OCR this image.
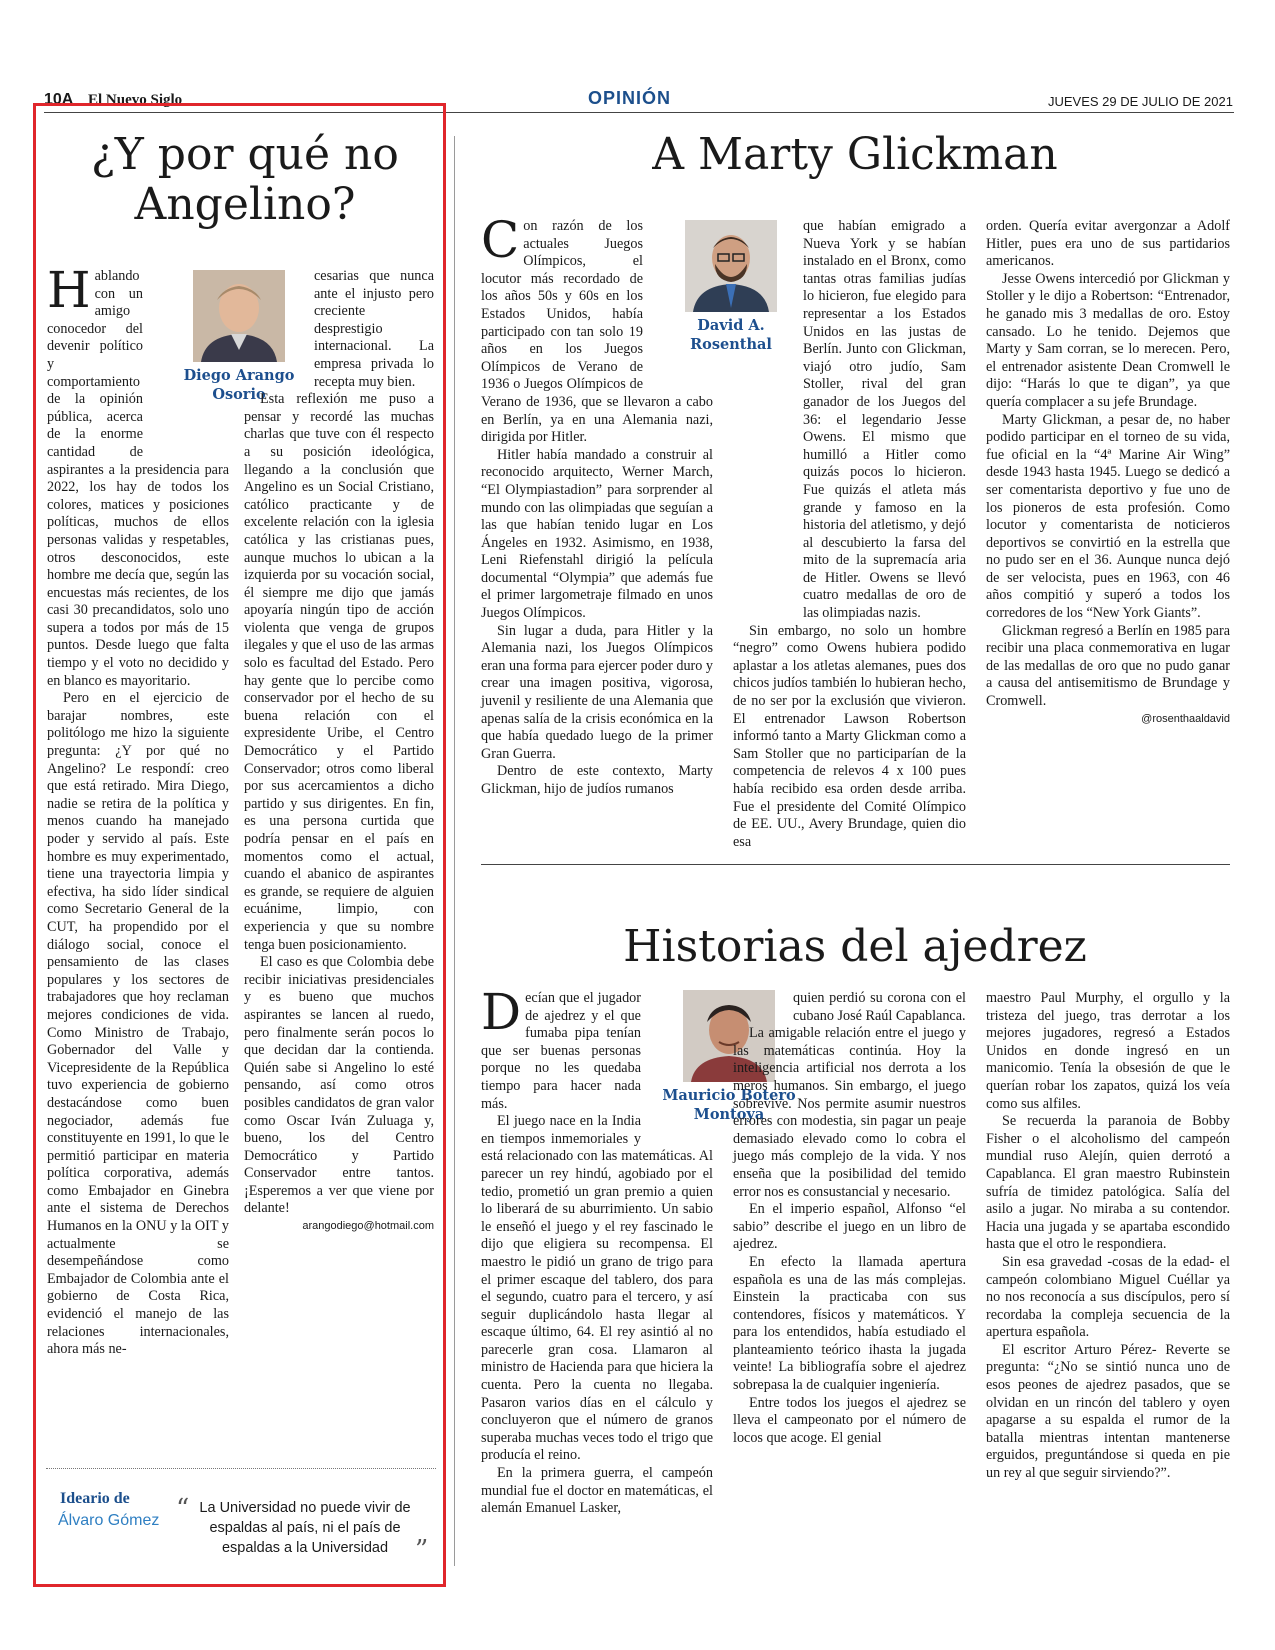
10A El Nuevo Siglo	OPINIÓN	JUEVES 29 DE JULIO DE 2021
¿Y por qué no Angelino?

Hablando con un amigo conocedor del devenir político y comportamiento de la opinión pública, acerca de la enorme cantidad de aspirantes a la presidencia para 2022, los hay de todos los colores, matices y posiciones políticas, muchos de ellos personas validas y respetables, otros desconocidos, este hombre me decía que, según las encuestas más recientes, de los casi 30 precandidatos, solo uno supera a todos por más de 15 puntos. Desde luego que falta tiempo y el voto no decidido y en blanco es mayoritario.

Pero en el ejercicio de barajar nombres, este politólogo me hizo la siguiente pregunta: ¿Y por qué no Angelino? Le respondí: creo que está retirado. Mira Diego, nadie se retira de la política y menos cuando ha manejado poder y servido al país. Este hombre es muy experimentado, tiene una trayectoria limpia y efectiva, ha sido líder sindical como Secretario General de la CUT, ha propendido por el diálogo social, conoce el pensamiento de las clases populares y los sectores de trabajadores que hoy reclaman mejores condiciones de vida. Como Ministro de Trabajo, Gobernador del Valle y Vicepresidente de la República tuvo experiencia de gobierno destacándose como buen negociador, además fue constituyente en 1991, lo que le permitió participar en materia política corporativa, además como Embajador en Ginebra ante el sistema de Derechos Humanos en la ONU y la OIT y actualmente se desempeñándose como Embajador de Colombia ante el gobierno de Costa Rica, evidenció el manejo de las relaciones internacionales, ahora más ne-

Diego Arango
Osorio
cesarias que nunca ante el injusto pero creciente desprestigio internacional. La empresa privada lo recepta muy bien.

Esta reflexión me puso a pensar y recordé las muchas charlas que tuve con él respecto a su posición ideológica, llegando a la conclusión que Angelino es un Social Cristiano, católico practicante y de excelente relación con la iglesia católica y las cristianas pues, aunque muchos lo ubican a la izquierda por su vocación social, él siempre me dijo que jamás apoyaría ningún tipo de acción violenta que venga de grupos ilegales y que el uso de las armas solo es facultad del Estado. Pero hay gente que lo percibe como conservador por el hecho de su buena relación con el expresidente Uribe, el Centro Democrático y el Partido Conservador; otros como liberal por sus acercamientos a dicho partido y sus dirigentes. En fin, es una persona curtida que podría pensar en el país en momentos como el actual, cuando el abanico de aspirantes es grande, se requiere de alguien ecuánime, limpio, con experiencia y que su nombre tenga buen posicionamiento.

El caso es que Colombia debe recibir iniciativas presidenciales y es bueno que muchos aspirantes se lancen al ruedo, pero finalmente serán pocos lo que decidan dar la contienda. Quién sabe si Angelino lo esté pensando, así como otros posibles candidatos de gran valor como Oscar Iván Zuluaga y, bueno, los del Centro Democrático y Partido Conservador entre tantos. ¡Esperemos a ver que viene por delante!

arangodiego@hotmail.com
Ideario de
Álvaro Gómez “ La Universidad no puede vivir de espaldas al país, ni el país de espaldas a la Universidad	”
A Marty Glickman

Con razón de los actuales Juegos Olímpicos, el locutor más recordado de los años 50s y 60s en los Estados Unidos, había participado con tan solo 19 años en los Juegos Olímpicos de Verano de 1936 o Juegos Olímpicos de Verano de 1936, que se llevaron a cabo en Berlín, ya en una Alemania nazi, dirigida por Hitler.

Hitler había mandado a construir al reconocido arquitecto, Werner March, “El Olympiastadion” para sorprender al mundo con las olimpiadas que seguían a las que habían tenido lugar en Los Ángeles en 1932. Asimismo, en 1938, Leni Riefenstahl dirigió la película documental “Olympia” que además fue el primer largometraje filmado en unos Juegos Olímpicos.

Sin lugar a duda, para Hitler y la Alemania nazi, los Juegos Olímpicos eran una forma para ejercer poder duro y crear una imagen positiva, vigorosa, juvenil y resiliente de una Alemania que apenas salía de la crisis económica en la que había quedado luego de la primer Gran Guerra.

Dentro de este contexto, Marty Glickman, hijo de judíos rumanos

David A.
Rosenthal
que habían emigrado a Nueva York y se habían instalado en el Bronx, como tantas otras familias judías lo hicieron, fue elegido para representar a los Estados Unidos en las justas de Berlín. Junto con Glickman, viajó otro judío, Sam Stoller, rival del gran ganador de los Juegos del 36: el legendario Jesse Owens. El mismo que humilló a Hitler como quizás pocos lo hicieron. Fue quizás el atleta más grande y famoso en la historia del atletismo, y dejó al descubierto la farsa del mito de la supremacía aria de Hitler. Owens se llevó cuatro medallas de oro de las olimpiadas nazis.

Sin embargo, no solo un hombre “negro” como Owens hubiera podido aplastar a los atletas alemanes, pues dos chicos judíos también lo hubieran hecho, de no ser por la exclusión que vivieron. El entrenador Lawson Robertson informó tanto a Marty Glickman como a Sam Stoller que no participarían de la competencia de relevos 4 x 100 pues había recibido esa orden desde arriba. Fue el presidente del Comité Olímpico de EE. UU., Avery Brundage, quien dio esa

orden. Quería evitar avergonzar a Adolf Hitler, pues era uno de sus partidarios americanos.

Jesse Owens intercedió por Glickman y Stoller y le dijo a Robertson: “Entrenador, he ganado mis 3 medallas de oro. Estoy cansado. Lo he tenido. Dejemos que Marty y Sam corran, se lo merecen. Pero, el entrenador asistente Dean Cromwell le dijo: “Harás lo que te digan”, ya que quería complacer a su jefe Brundage.

Marty Glickman, a pesar de, no haber podido participar en el torneo de su vida, fue oficial en la “4ª Marine Air Wing” desde 1943 hasta 1945. Luego se dedicó a ser comentarista deportivo y fue uno de los pioneros de esta profesión. Como locutor y comentarista de noticieros deportivos se convirtió en la estrella que no pudo ser en el 36. Aunque nunca dejó de ser velocista, pues en 1963, con 46 años compitió y superó a todos los corredores de los “New York Giants”.

Glickman regresó a Berlín en 1985 para recibir una placa conmemorativa en lugar de las medallas de oro que no pudo ganar a causa del antisemitismo de Brundage y Cromwell.

@rosenthaaldavid
Historias del ajedrez

Decían que el jugador de ajedrez y el que fumaba pipa tenían que ser buenas personas porque no les quedaba tiempo para hacer nada más.

El juego nace en la India en tiempos inmemoriales y está relacionado con las matemáticas. Al parecer un rey hindú, agobiado por el tedio, prometió un gran premio a quien lo liberará de su aburrimiento. Un sabio le enseñó el juego y el rey fascinado le dijo que eligiera su recompensa. El maestro le pidió un grano de trigo para el primer escaque del tablero, dos para el segundo, cuatro para el tercero, y así seguir duplicándolo hasta llegar al escaque último, 64. El rey asintió al no parecerle gran cosa. Llamaron al ministro de Hacienda para que hiciera la cuenta. Pero la cuenta no llegaba. Pasaron varios días en el cálculo y concluyeron que el número de granos superaba muchas veces todo el trigo que producía el reino.

En la primera guerra, el campeón mundial fue el doctor en matemáticas, el alemán Emanuel Lasker,

Mauricio Botero
Montoya
quien perdió su corona con el cubano José Raúl Capablanca.

La amigable relación entre el juego y las matemáticas continúa. Hoy la inteligencia artificial nos derrota a los meros humanos. Sin embargo, el juego sobrevive. Nos permite asumir nuestros errores con modestia, sin pagar un peaje demasiado elevado como lo cobra el juego más complejo de la vida. Y nos enseña que la posibilidad del temido error nos es consustancial y necesario.

En el imperio español, Alfonso “el sabio” describe el juego en un libro de ajedrez.

En efecto la llamada apertura española es una de las más complejas. Einstein la practicaba con sus contendores, físicos y matemáticos. Y para los entendidos, había estudiado el planteamiento teórico ihasta la jugada veinte! La bibliografía sobre el ajedrez sobrepasa la de cualquier ingeniería.

Entre todos los juegos el ajedrez se lleva el campeonato por el número de locos que acoge. El genial

maestro Paul Murphy, el orgullo y la tristeza del juego, tras derrotar a los mejores jugadores, regresó a Estados Unidos en donde ingresó en un manicomio. Tenía la obsesión de que le querían robar los zapatos, quizá los veía como sus alfiles.

Se recuerda la paranoia de Bobby Fisher o el alcoholismo del campeón mundial ruso Alejín, quien derrotó a Capablanca. El gran maestro Rubinstein sufría de timidez patológica. Salía del asilo a jugar. No miraba a su contendor. Hacia una jugada y se apartaba escondido hasta que el otro le respondiera.

Sin esa gravedad -cosas de la edad- el campeón colombiano Miguel Cuéllar ya no nos reconocía a sus discípulos, pero sí recordaba la compleja secuencia de la apertura española.

El escritor Arturo Pérez- Reverte se pregunta: “¿No se sintió nunca uno de esos peones de ajedrez pasados, que se olvidan en un rincón del tablero y oyen apagarse a su espalda el rumor de la batalla mientras intentan mantenerse erguidos, preguntándose si queda en pie un rey al que seguir sirviendo?”.
